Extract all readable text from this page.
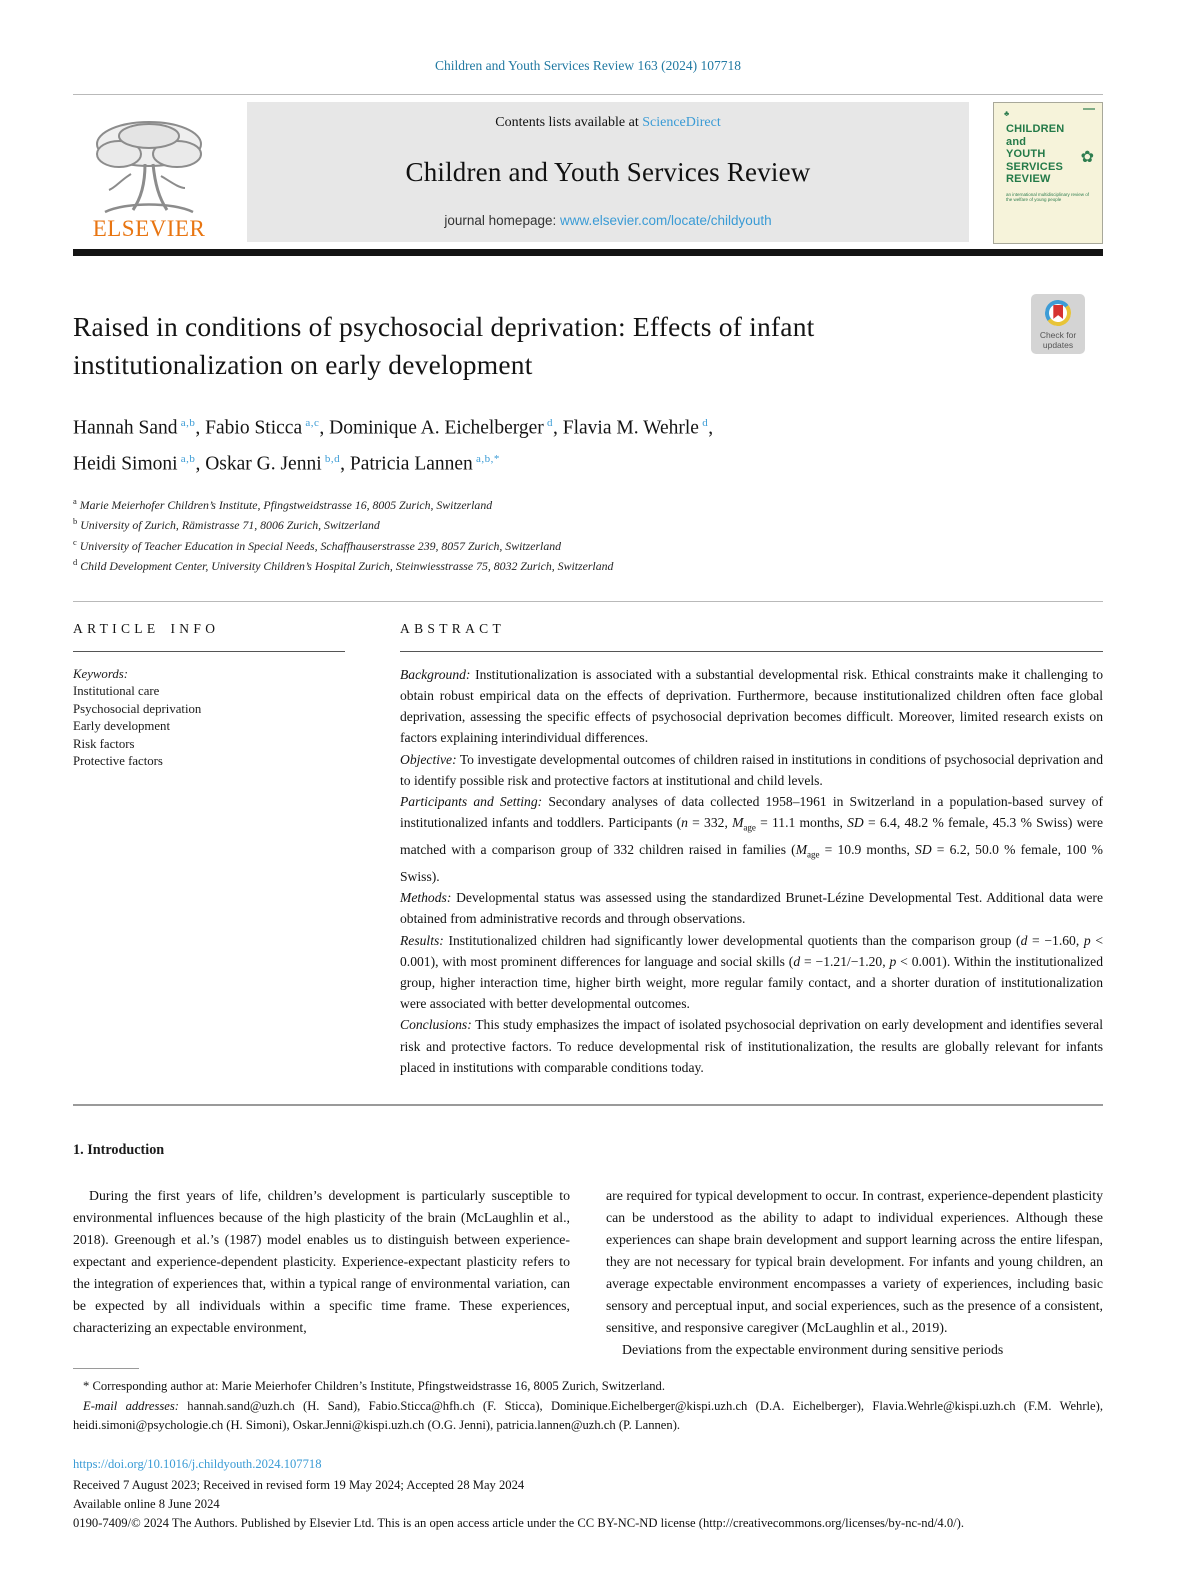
Children and Youth Services Review 163 (2024) 107718
ELSEVIER
Contents lists available at ScienceDirect
Children and Youth Services Review
journal homepage: www.elsevier.com/locate/childyouth
♣
CHILDREN
and
YOUTH
SERVICES
REVIEW
✿
an international multidisciplinary review of the welfare of young people
Raised in conditions of psychosocial deprivation: Effects of infant institutionalization on early development
Check for
updates
Hannah Sand $^{a,b}$, Fabio Sticca $^{a,c}$, Dominique A. Eichelberger $^d$, Flavia M. Wehrle $^d$,
Heidi Simoni $^{a,b}$, Oskar G. Jenni $^{b,d}$, Patricia Lannen $^{a,b,*}$
$^a$ Marie Meierhofer Children’s Institute, Pfingstweidstrasse 16, 8005 Zurich, Switzerland
$^b$ University of Zurich, Rämistrasse 71, 8006 Zurich, Switzerland
$^c$ University of Teacher Education in Special Needs, Schaffhauserstrasse 239, 8057 Zurich, Switzerland
$^d$ Child Development Center, University Children’s Hospital Zurich, Steinwiesstrasse 75, 8032 Zurich, Switzerland
ARTICLE INFO
Keywords:
Institutional care
Psychosocial deprivation
Early development
Risk factors
Protective factors
ABSTRACT
Background: Institutionalization is associated with a substantial developmental risk. Ethical constraints make it challenging to obtain robust empirical data on the effects of deprivation. Furthermore, because institutionalized children often face global deprivation, assessing the specific effects of psychosocial deprivation becomes difficult. Moreover, limited research exists on factors explaining interindividual differences.
Objective: To investigate developmental outcomes of children raised in institutions in conditions of psychosocial deprivation and to identify possible risk and protective factors at institutional and child levels.
Participants and Setting: Secondary analyses of data collected 1958–1961 in Switzerland in a population-based survey of institutionalized infants and toddlers. Participants (n = 332, $M_{age} = 11.1$ months, SD = 6.4, 48.2 % female, 45.3 % Swiss) were matched with a comparison group of 332 children raised in families ($M_{age} = 10.9$ months, SD = 6.2, 50.0 % female, 100 % Swiss).
Methods: Developmental status was assessed using the standardized Brunet-Lézine Developmental Test. Additional data were obtained from administrative records and through observations.
Results: Institutionalized children had significantly lower developmental quotients than the comparison group (d = −1.60, p < 0.001), with most prominent differences for language and social skills (d = −1.21/−1.20, p < 0.001). Within the institutionalized group, higher interaction time, higher birth weight, more regular family contact, and a shorter duration of institutionalization were associated with better developmental outcomes.
Conclusions: This study emphasizes the impact of isolated psychosocial deprivation on early development and identifies several risk and protective factors. To reduce developmental risk of institutionalization, the results are globally relevant for infants placed in institutions with comparable conditions today.
1. Introduction

During the first years of life, children’s development is particularly susceptible to environmental influences because of the high plasticity of the brain (McLaughlin et al., 2018). Greenough et al.’s (1987) model enables us to distinguish between experience-expectant and experience-dependent plasticity. Experience-expectant plasticity refers to the integration of experiences that, within a typical range of environmental variation, can be expected by all individuals within a specific time frame. These experiences, characterizing an expectable environment,

are required for typical development to occur. In contrast, experience-dependent plasticity can be understood as the ability to adapt to individual experiences. Although these experiences can shape brain development and support learning across the entire lifespan, they are not necessary for typical brain development. For infants and young children, an average expectable environment encompasses a variety of experiences, including basic sensory and perceptual input, and social experiences, such as the presence of a consistent, sensitive, and responsive caregiver (McLaughlin et al., 2019).

Deviations from the expectable environment during sensitive periods

* Corresponding author at: Marie Meierhofer Children’s Institute, Pfingstweidstrasse 16, 8005 Zurich, Switzerland.
E-mail addresses: hannah.sand@uzh.ch (H. Sand), Fabio.Sticca@hfh.ch (F. Sticca), Dominique.Eichelberger@kispi.uzh.ch (D.A. Eichelberger), Flavia.Wehrle@kispi.uzh.ch (F.M. Wehrle), heidi.simoni@psychologie.ch (H. Simoni), Oskar.Jenni@kispi.uzh.ch (O.G. Jenni), patricia.lannen@uzh.ch (P. Lannen).
https://doi.org/10.1016/j.childyouth.2024.107718
Received 7 August 2023; Received in revised form 19 May 2024; Accepted 28 May 2024
Available online 8 June 2024
0190-7409/© 2024 The Authors. Published by Elsevier Ltd. This is an open access article under the CC BY-NC-ND license (http://creativecommons.org/licenses/by-nc-nd/4.0/).
